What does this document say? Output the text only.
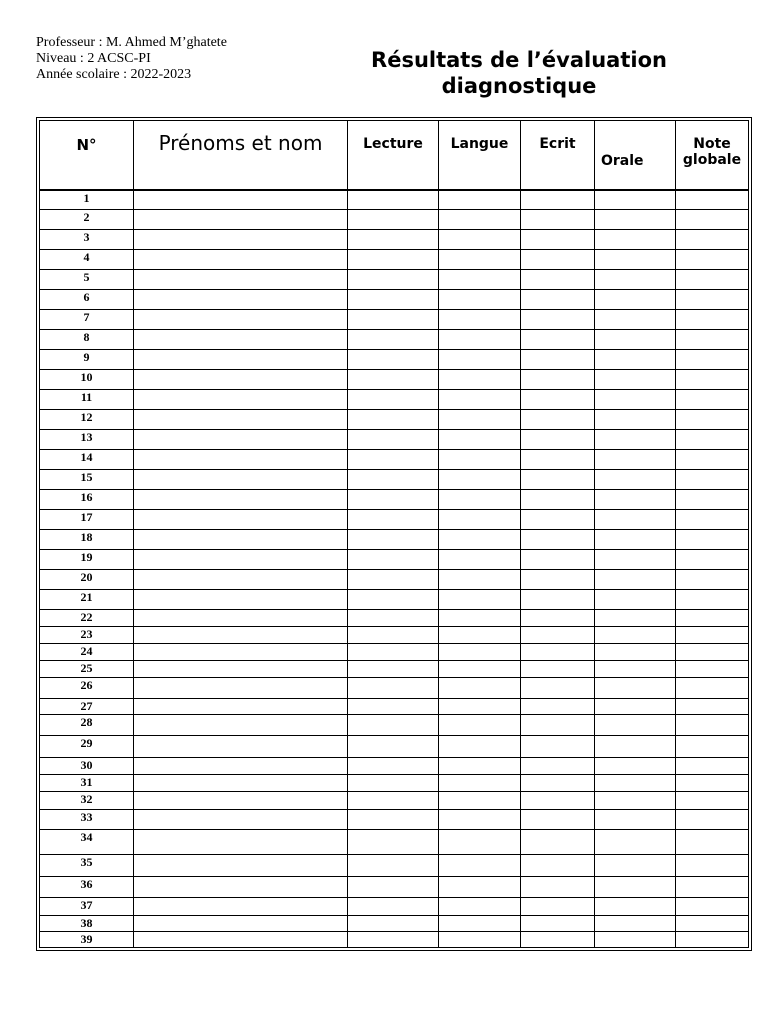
Professeur : M. Ahmed M’ghatete
Niveau : 2 ACSC-PI
Année scolaire : 2022-2023
Résultats de l’évaluation diagnostique
N°	Prénoms et nom	Lecture	Langue	Ecrit	Orale	Note globale
1						
2						
3						
4						
5						
6						
7						
8						
9						
10						
11						
12						
13						
14						
15						
16						
17						
18						
19						
20						
21						
22						
23						
24						
25						
26						
27						
28						
29						
30						
31						
32						
33						
34						
35						
36						
37						
38						
39						
